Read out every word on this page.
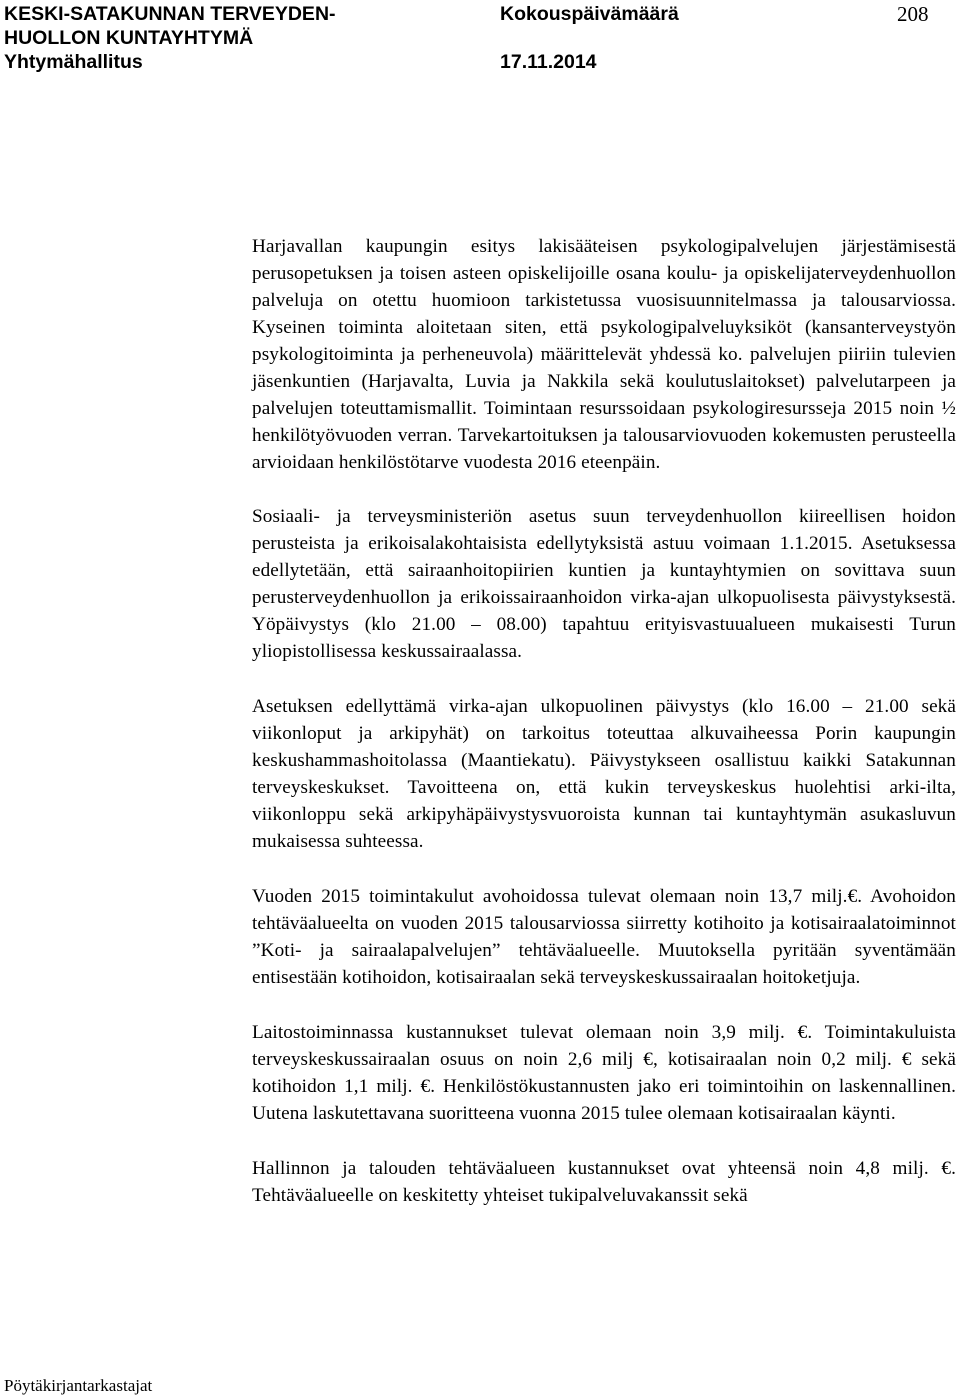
KESKI-SATAKUNNAN TERVEYDEN-
HUOLLON KUNTAYHTYMÄ
Yhtymähallitus
Kokouspäivämäärä
17.11.2014
208

Harjavallan kaupungin esitys lakisääteisen psykologipalvelujen järjestämisestä perusopetuksen ja toisen asteen opiskelijoille osana koulu- ja opiskelijaterveydenhuollon palveluja on otettu huomioon tarkistetussa vuosisuunnitelmassa ja talousarviossa. Kyseinen toiminta aloitetaan siten, että psykologipalveluyksiköt (kansanterveystyön psykologitoiminta ja perheneuvola) määrittelevät yhdessä ko. palvelujen piiriin tulevien jäsenkuntien (Harjavalta, Luvia ja Nakkila sekä koulutuslaitokset) palvelutarpeen ja palvelujen toteuttamismallit. Toimintaan resurssoidaan psykologiresursseja 2015 noin ½ henkilötyövuoden verran. Tarvekartoituksen ja talousarviovuoden kokemusten perusteella arvioidaan henkilöstötarve vuodesta 2016 eteenpäin.

Sosiaali- ja terveysministeriön asetus suun terveydenhuollon kiireellisen hoidon perusteista ja erikoisalakohtaisista edellytyksistä astuu voimaan 1.1.2015. Asetuksessa edellytetään, että sairaanhoitopiirien kuntien ja kuntayhtymien on sovittava suun perusterveydenhuollon ja erikoissairaanhoidon virka-ajan ulkopuolisesta päivystyksestä. Yöpäivystys (klo 21.00 – 08.00) tapahtuu erityisvastuualueen mukaisesti Turun yliopistollisessa keskussairaalassa.

Asetuksen edellyttämä virka-ajan ulkopuolinen päivystys (klo 16.00 – 21.00 sekä viikonloput ja arkipyhät) on tarkoitus toteuttaa alkuvaiheessa Porin kaupungin keskushammashoitolassa (Maantiekatu). Päivystykseen osallistuu kaikki Satakunnan terveyskeskukset. Tavoitteena on, että kukin terveyskeskus huolehtisi arki-ilta, viikonloppu sekä arkipyhäpäivystysvuoroista kunnan tai kuntayhtymän asukasluvun mukaisessa suhteessa.

Vuoden 2015 toimintakulut avohoidossa tulevat olemaan noin 13,7 milj.€. Avohoidon tehtäväalueelta on vuoden 2015 talousarviossa siirretty kotihoito ja kotisairaalatoiminnot ”Koti- ja sairaalapalvelujen” tehtäväalueelle. Muutoksella pyritään syventämään entisestään kotihoidon, kotisairaalan sekä terveyskeskussairaalan hoitoketjuja.

Laitostoiminnassa kustannukset tulevat olemaan noin 3,9 milj. €. Toimintakuluista terveyskeskussairaalan osuus on noin 2,6 milj €, kotisairaalan noin 0,2 milj. € sekä kotihoidon 1,1 milj. €. Henkilöstökustannusten jako eri toimintoihin on laskennallinen. Uutena laskutettavana suoritteena vuonna 2015 tulee olemaan kotisairaalan käynti.

Hallinnon ja talouden tehtäväalueen kustannukset ovat yhteensä noin 4,8 milj. €. Tehtäväalueelle on keskitetty yhteiset tukipalveluvakanssit sekä

Pöytäkirjantarkastajat
